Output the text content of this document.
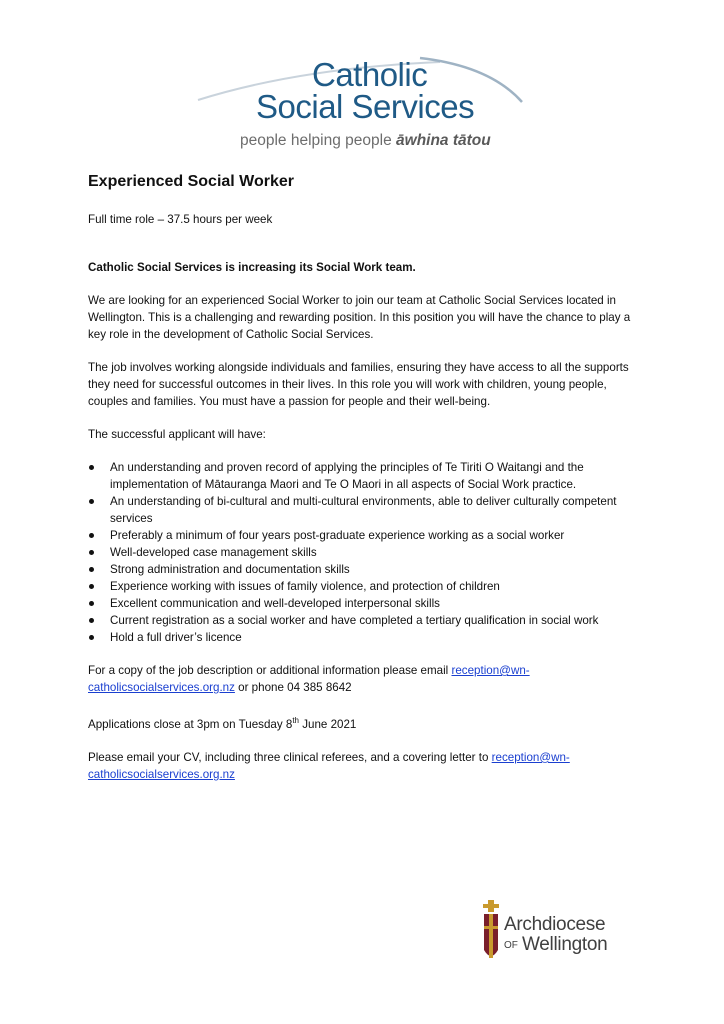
Catholic
Social Services
people helping people āwhina tātou
Experienced Social Worker

Full time role – 37.5 hours per week

Catholic Social Services is increasing its Social Work team.

We are looking for an experienced Social Worker to join our team at Catholic Social Services located in Wellington. This is a challenging and rewarding position. In this position you will have the chance to play a key role in the development of Catholic Social Services.

The job involves working alongside individuals and families, ensuring they have access to all the supports they need for successful outcomes in their lives. In this role you will work with children, young people, couples and families. You must have a passion for people and their well-being.

The successful applicant will have:

An understanding and proven record of applying the principles of Te Tiriti O Waitangi and the implementation of Mātauranga Maori and Te O Maori in all aspects of Social Work practice.
An understanding of bi-cultural and multi-cultural environments, able to deliver culturally competent services
Preferably a minimum of four years post-graduate experience working as a social worker
Well-developed case management skills
Strong administration and documentation skills
Experience working with issues of family violence, and protection of children
Excellent communication and well-developed interpersonal skills
Current registration as a social worker and have completed a tertiary qualification in social work
Hold a full driver’s licence

For a copy of the job description or additional information please email reception@wn-catholicsocialservices.org.nz or phone 04 385 8642

Applications close at 3pm on Tuesday 8th June 2021

Please email your CV, including three clinical referees, and a covering letter to reception@wn-catholicsocialservices.org.nz

Archdiocese
OF Wellington
